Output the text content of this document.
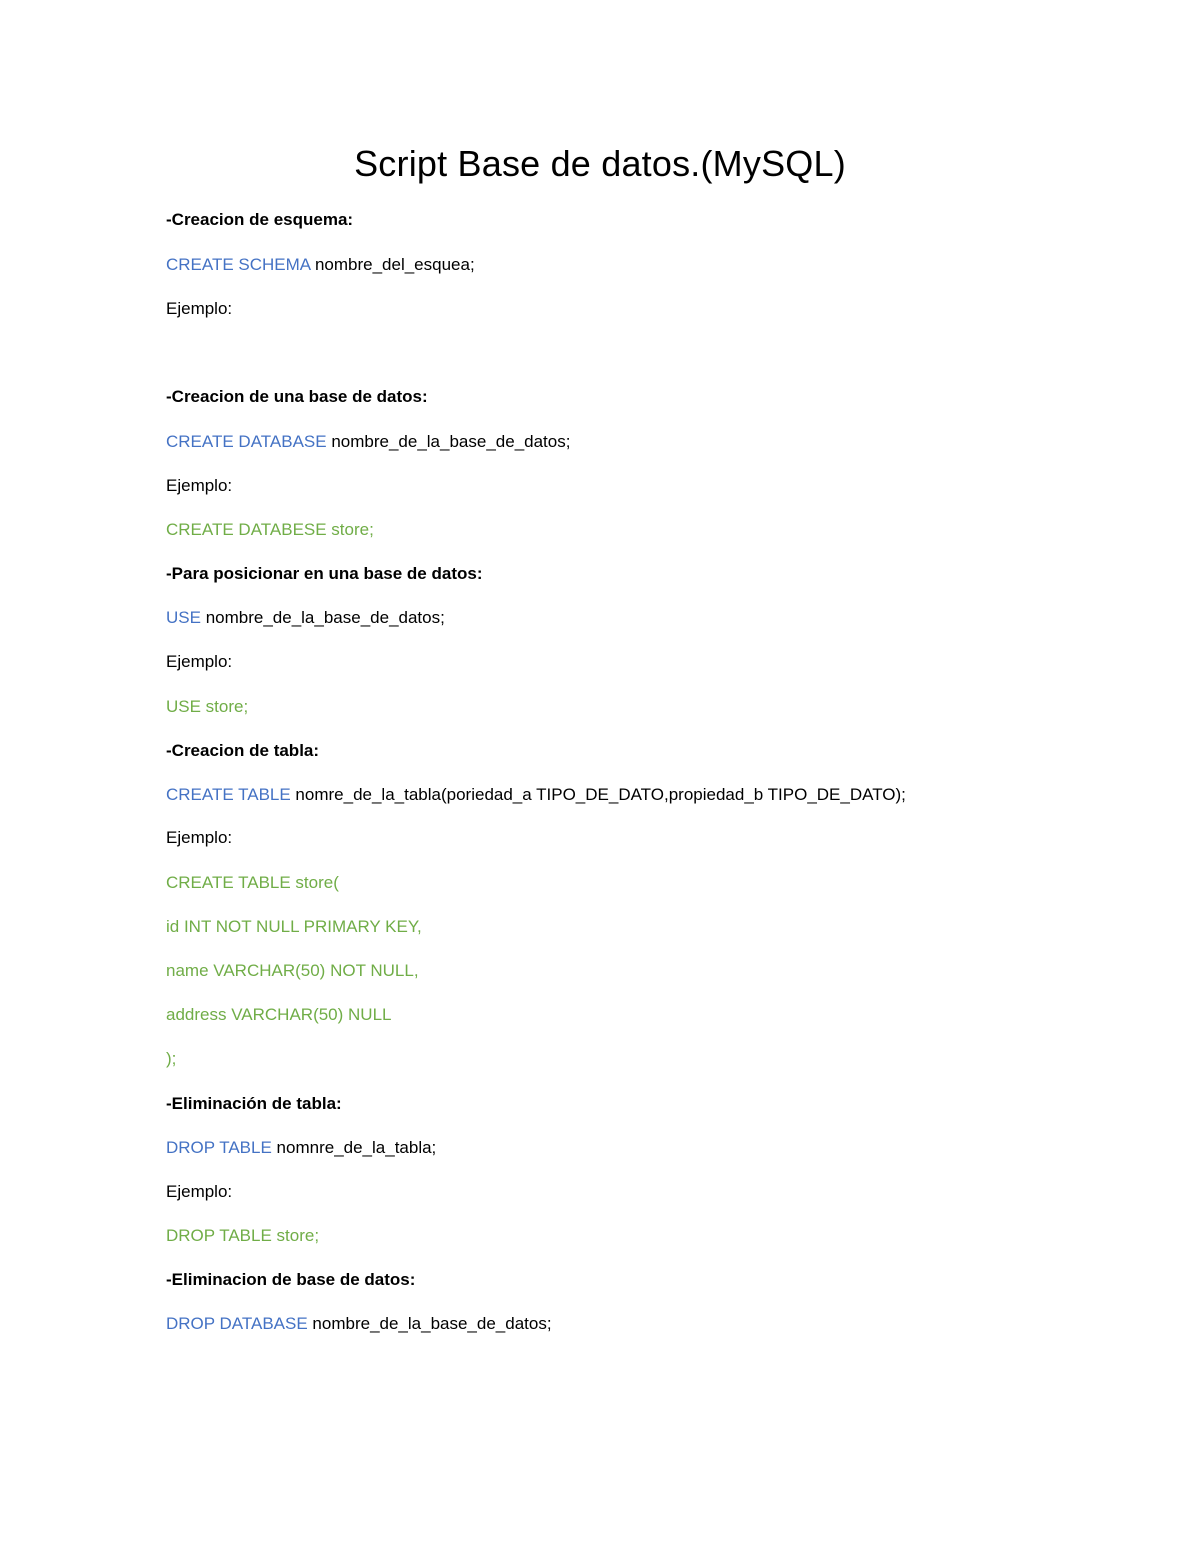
Script Base de datos.(MySQL)
-Creacion de esquema:
CREATE SCHEMA nombre_del_esquea;
Ejemplo:
-Creacion de una base de datos:
CREATE DATABASE nombre_de_la_base_de_datos;
Ejemplo:
CREATE DATABESE store;
-Para posicionar en una base de datos:
USE nombre_de_la_base_de_datos;
Ejemplo:
USE store;
-Creacion de tabla:
CREATE TABLE nomre_de_la_tabla(poriedad_a TIPO_DE_DATO,propiedad_b TIPO_DE_DATO);
Ejemplo:
CREATE TABLE store(
id INT NOT NULL PRIMARY KEY,
name VARCHAR(50) NOT NULL,
address VARCHAR(50) NULL
);
-Eliminación de tabla:
DROP TABLE nomnre_de_la_tabla;
Ejemplo:
DROP TABLE store;
-Eliminacion de base de datos:
DROP DATABASE nombre_de_la_base_de_datos;
